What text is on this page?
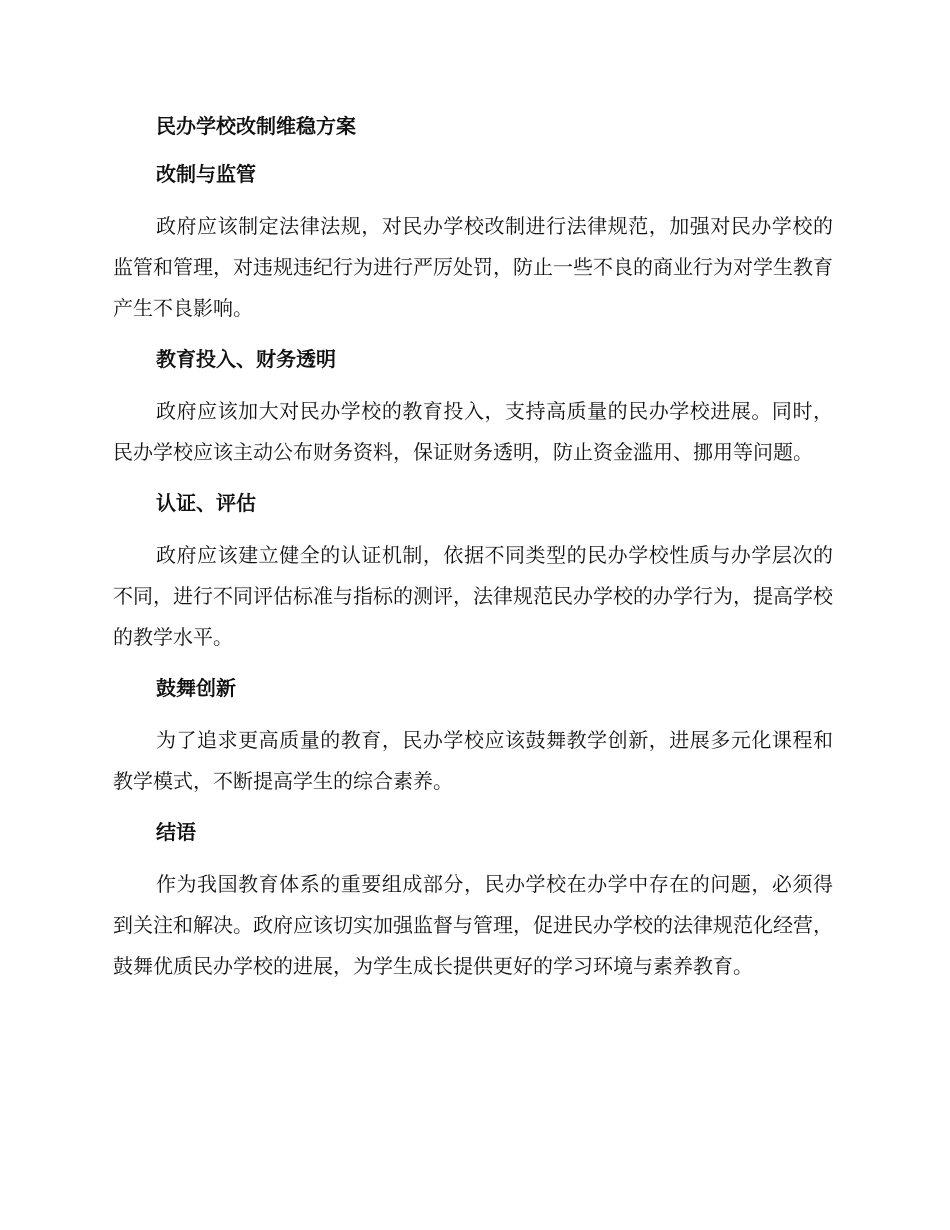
民办学校改制维稳方案
改制与监管

政府应该制定法律法规，对民办学校改制进行法律规范，加强对民办学校的监管和管理，对违规违纪行为进行严厉处罚，防止一些不良的商业行为对学生教育产生不良影响。

教育投入、财务透明

政府应该加大对民办学校的教育投入，支持高质量的民办学校进展。同时，民办学校应该主动公布财务资料，保证财务透明，防止资金滥用、挪用等问题。

认证、评估

政府应该建立健全的认证机制，依据不同类型的民办学校性质与办学层次的不同，进行不同评估标准与指标的测评，法律规范民办学校的办学行为，提高学校的教学水平。

鼓舞创新

为了追求更高质量的教育，民办学校应该鼓舞教学创新，进展多元化课程和教学模式，不断提高学生的综合素养。

结语

作为我国教育体系的重要组成部分，民办学校在办学中存在的问题，必须得到关注和解决。政府应该切实加强监督与管理，促进民办学校的法律规范化经营，鼓舞优质民办学校的进展，为学生成长提供更好的学习环境与素养教育。
